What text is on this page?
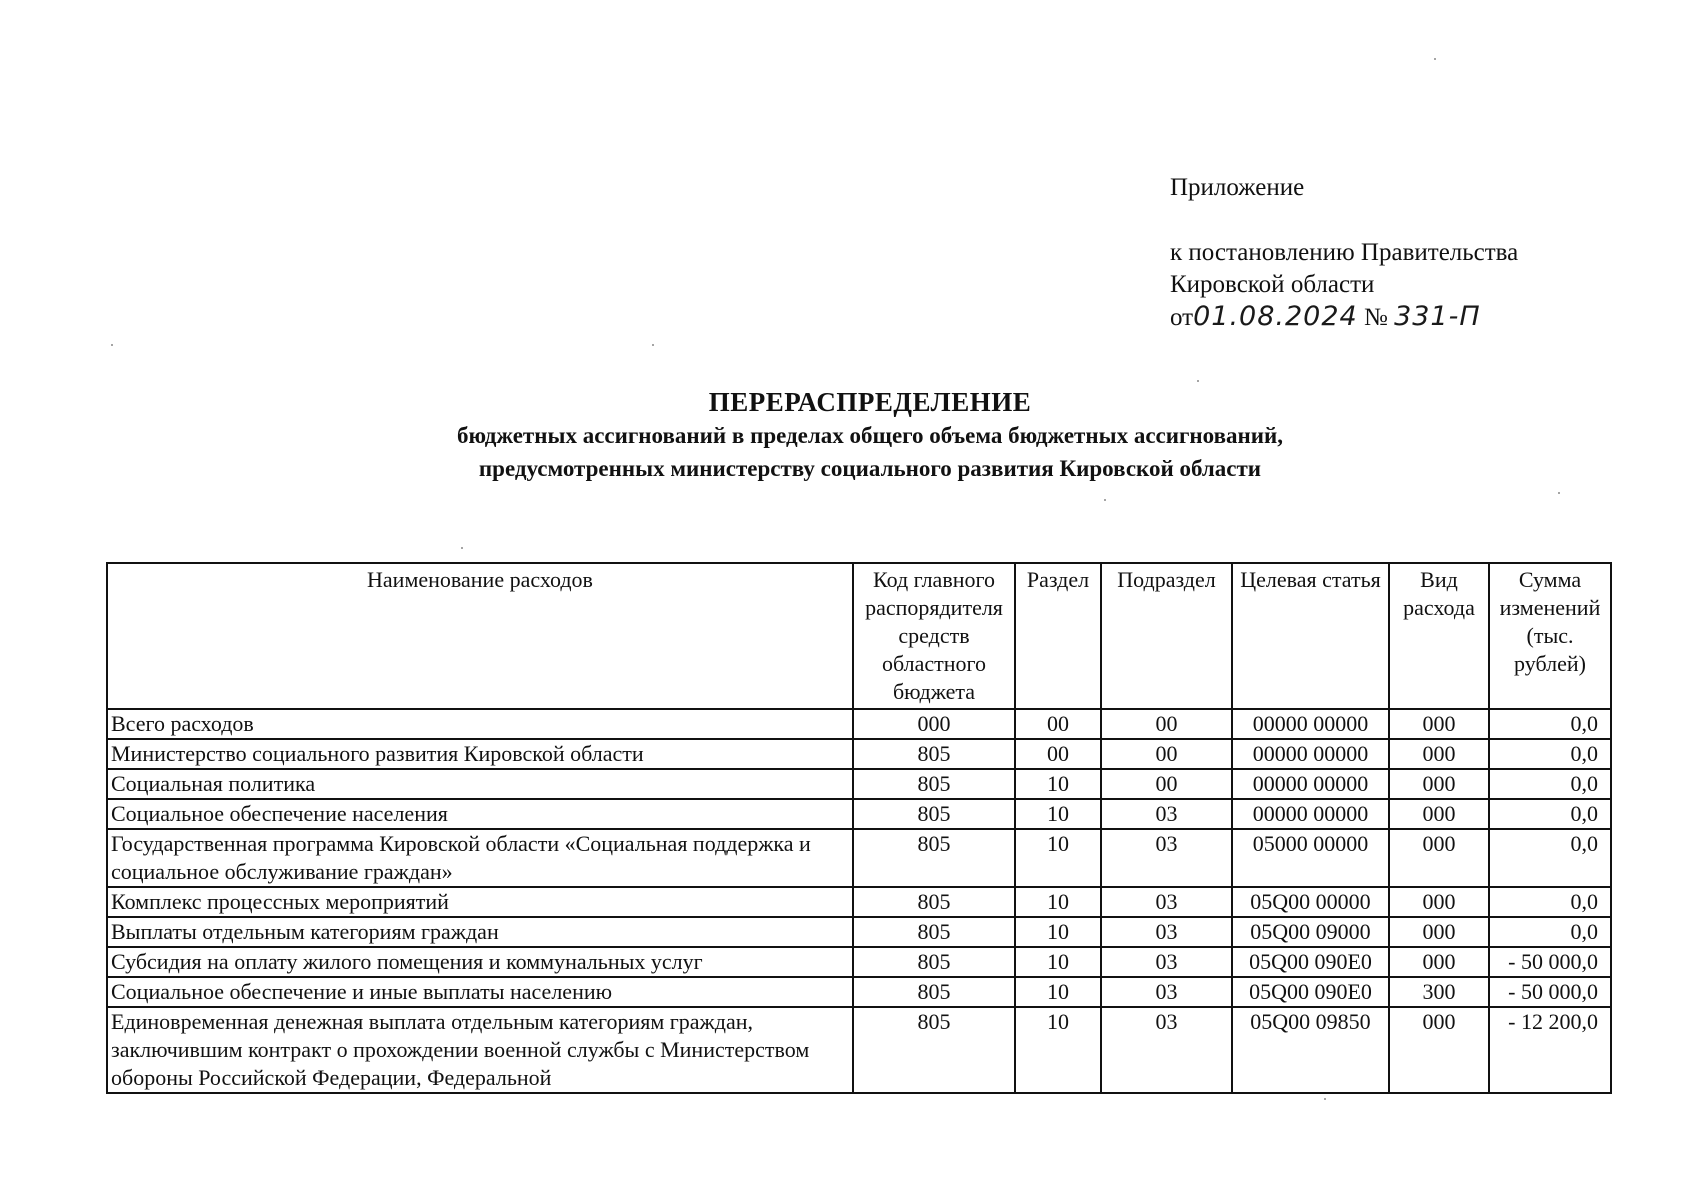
Приложение
к постановлению Правительства
Кировской области
от01.08.2024 № 331-П
ПЕРЕРАСПРЕДЕЛЕНИЕ
бюджетных ассигнований в пределах общего объема бюджетных ассигнований,
предусмотренных министерству социального развития Кировской области
Наименование расходов	Код главного распорядителя средств областного бюджета	Раздел	Подраздел	Целевая статья	Вид расхода	Сумма изменений (тыс. рублей)
Всего расходов	000	00	00	00000 00000	000	0,0
Министерство социального развития Кировской области	805	00	00	00000 00000	000	0,0
Социальная политика	805	10	00	00000 00000	000	0,0
Социальное обеспечение населения	805	10	03	00000 00000	000	0,0
Государственная программа Кировской области «Социальная поддержка и социальное обслуживание граждан»	805	10	03	05000 00000	000	0,0
Комплекс процессных мероприятий	805	10	03	05Q00 00000	000	0,0
Выплаты отдельным категориям граждан	805	10	03	05Q00 09000	000	0,0
Субсидия на оплату жилого помещения и коммунальных услуг	805	10	03	05Q00 090E0	000	- 50 000,0
Социальное обеспечение и иные выплаты населению	805	10	03	05Q00 090E0	300	- 50 000,0
Единовременная денежная выплата отдельным категориям граждан, заключившим контракт о прохождении военной службы с Министерством обороны Российской Федерации, Федеральной	805	10	03	05Q00 09850	000	- 12 200,0
